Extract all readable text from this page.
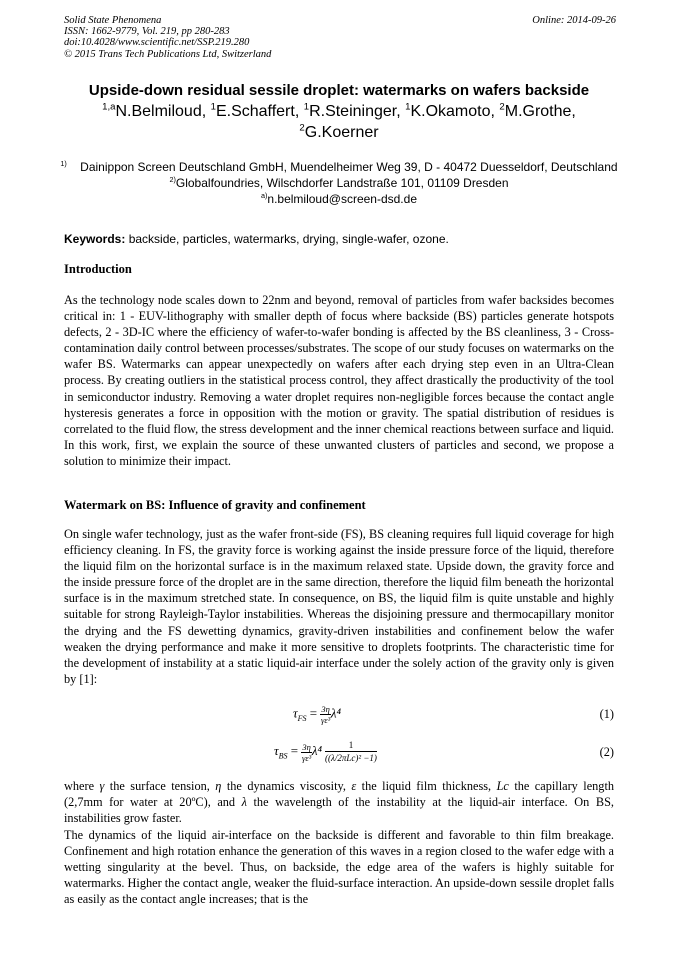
Solid State Phenomena
ISSN: 1662-9779, Vol. 219, pp 280-283
doi:10.4028/www.scientific.net/SSP.219.280
© 2015 Trans Tech Publications Ltd, Switzerland
Online: 2014-09-26
Upside-down residual sessile droplet: watermarks on wafers backside
$^{1,a}$N.Belmiloud, $^1$E.Schaffert, $^1$R.Steininger, $^1$K.Okamoto, $^2$M.Grothe,
$^2$G.Koerner
$^{1)}$ Dainippon Screen Deutschland GmbH, Muendelheimer Weg 39, D - 40472 Duesseldorf, Deutschland
$^{2)}$Globalfoundries, Wilschdorfer Landstraße 101, 01109 Dresden
$^{a)}$n.belmiloud@screen-dsd.de
Keywords: backside, particles, watermarks, drying, single-wafer, ozone.
Introduction

As the technology node scales down to 22nm and beyond, removal of particles from wafer backsides becomes critical in: 1 - EUV-lithography with smaller depth of focus where backside (BS) particles generate hotspots defects, 2 - 3D-IC where the efficiency of wafer-to-wafer bonding is affected by the BS cleanliness, 3 - Cross-contamination daily control between processes/substrates. The scope of our study focuses on watermarks on the wafer BS. Watermarks can appear unexpectedly on wafers after each drying step even in an Ultra-Clean process. By creating outliers in the statistical process control, they affect drastically the productivity of the tool in semiconductor industry. Removing a water droplet requires non-negligible forces because the contact angle hysteresis generates a force in opposition with the motion or gravity. The spatial distribution of residues is correlated to the fluid flow, the stress development and the inner chemical reactions between surface and liquid. In this work, first, we explain the source of these unwanted clusters of particles and second, we propose a solution to minimize their impact.

Watermark on BS: Influence of gravity and confinement

On single wafer technology, just as the wafer front-side (FS), BS cleaning requires full liquid coverage for high efficiency cleaning. In FS, the gravity force is working against the inside pressure force of the liquid, therefore the liquid film on the horizontal surface is in the maximum relaxed state. Upside down, the gravity force and the inside pressure force of the droplet are in the same direction, therefore the liquid film beneath the horizontal surface is in the maximum stretched state. In consequence, on BS, the liquid film is quite unstable and highly suitable for strong Rayleigh-Taylor instabilities. Whereas the disjoining pressure and thermocapillary monitor the drying and the FS dewetting dynamics, gravity-driven instabilities and confinement below the wafer weaken the drying performance and make it more sensitive to droplets footprints. The characteristic time for the development of instability at a static liquid-air interface under the solely action of the gravity only is given by [1]:

$\tau_{FS} = \frac{3\eta}{\text{γε³}} \lambda^4$	(1)
$\tau_{BS} = \frac{3\eta}{\text{γε³}} \lambda^4 \frac{1}{\text{((λ/2πLc)² −1)}}$	(2)

where γ the surface tension, η the dynamics viscosity, ε the liquid film thickness, Lc the capillary length (2,7mm for water at 20ºC), and λ the wavelength of the instability at the liquid-air interface. On BS, instabilities grow faster.

The dynamics of the liquid air-interface on the backside is different and favorable to thin film breakage. Confinement and high rotation enhance the generation of this waves in a region closed to the wafer edge with a wetting singularity at the bevel. Thus, on backside, the edge area of the wafers is highly suitable for watermarks. Higher the contact angle, weaker the fluid-surface interaction. An upside-down sessile droplet falls as easily as the contact angle increases; that is the
